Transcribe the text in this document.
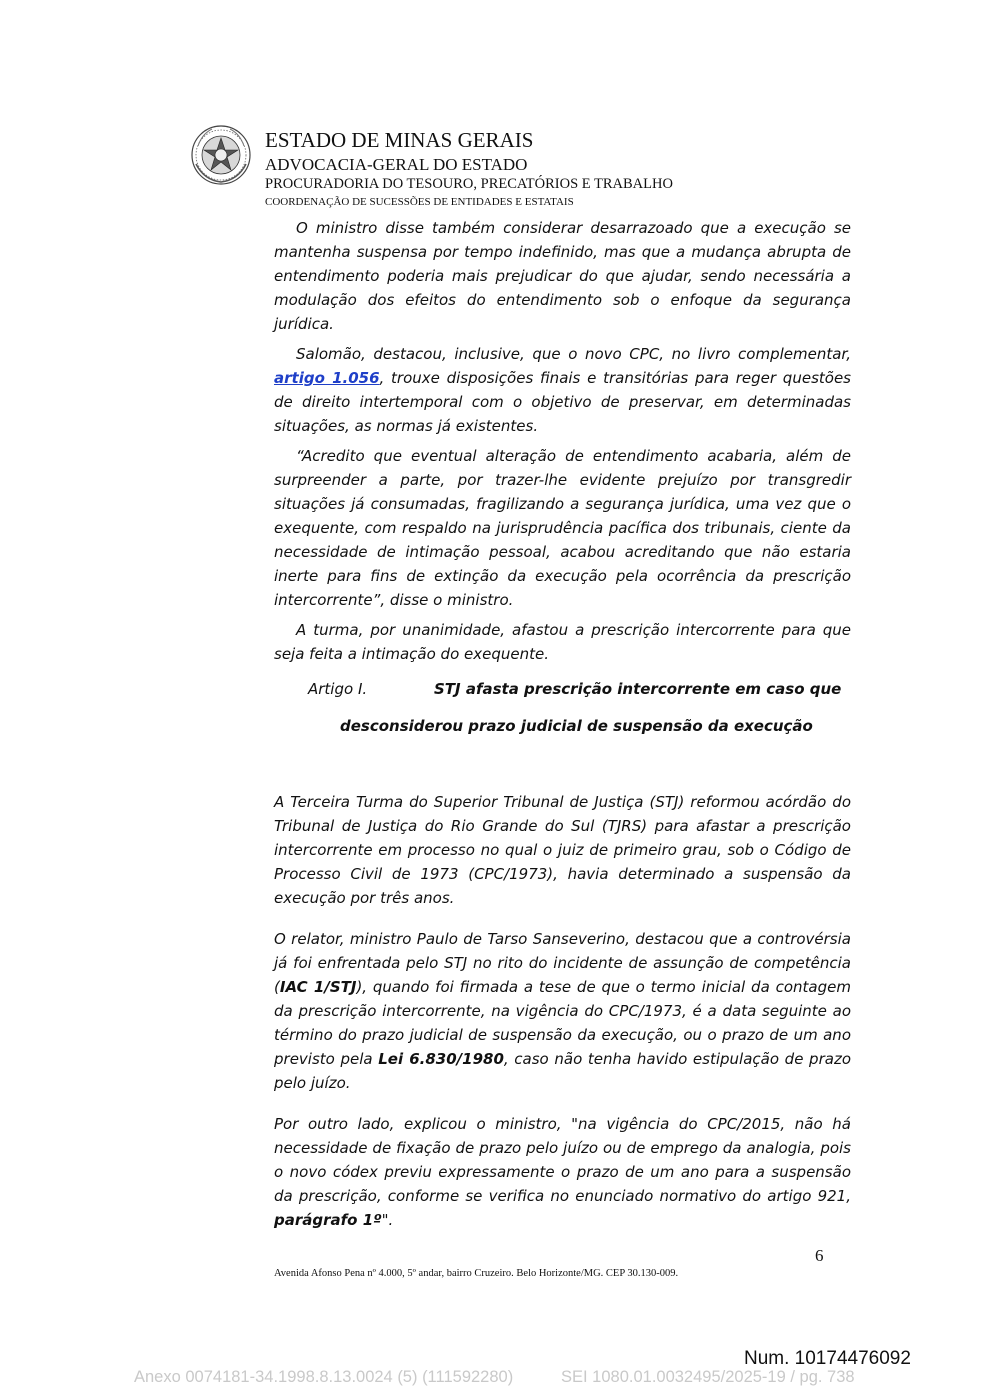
ESTADO DE MINAS GERAIS
ADVOCACIA-GERAL DO ESTADO
PROCURADORIA DO TESOURO, PRECATÓRIOS E TRABALHO
COORDENAÇÃO DE SUCESSÕES DE ENTIDADES E ESTATAIS

O ministro disse também considerar desarrazoado que a execução se mantenha suspensa por tempo indefinido, mas que a mudança abrupta de entendimento poderia mais prejudicar do que ajudar, sendo necessária a modulação dos efeitos do entendimento sob o enfoque da segurança jurídica.

Salomão, destacou, inclusive, que o novo CPC, no livro complementar, artigo 1.056, trouxe disposições finais e transitórias para reger questões de direito intertemporal com o objetivo de preservar, em determinadas situações, as normas já existentes.

“Acredito que eventual alteração de entendimento acabaria, além de surpreender a parte, por trazer-lhe evidente prejuízo por transgredir situações já consumadas, fragilizando a segurança jurídica, uma vez que o exequente, com respaldo na jurisprudência pacífica dos tribunais, ciente da necessidade de intimação pessoal, acabou acreditando que não estaria inerte para fins de extinção da execução pela ocorrência da prescrição intercorrente”, disse o ministro.

A turma, por unanimidade, afastou a prescrição intercorrente para que seja feita a intimação do exequente.

A Terceira Turma do Superior Tribunal de Justiça (STJ) reformou acórdão do Tribunal de Justiça do Rio Grande do Sul (TJRS) para afastar a prescrição intercorrente em processo no qual o juiz de primeiro grau, sob o Código de Processo Civil de 1973 (CPC/1973), havia determinado a suspensão da execução por três anos.

O relator, ministro Paulo de Tarso Sanseverino, destacou que a controvérsia já foi enfrentada pelo STJ no rito do incidente de assunção de competência (IAC 1/STJ), quando foi firmada a tese de que o termo inicial da contagem da prescrição intercorrente, na vigência do CPC/1973, é a data seguinte ao término do prazo judicial de suspensão da execução, ou o prazo de um ano previsto pela Lei 6.830/1980, caso não tenha havido estipulação de prazo pelo juízo.

Por outro lado, explicou o ministro, "na vigência do CPC/2015, não há necessidade de fixação de prazo pelo juízo ou de emprego da analogia, pois o novo códex previu expressamente o prazo de um ano para a suspensão da prescrição, conforme se verifica no enunciado normativo do artigo 921, parágrafo 1º".

Artigo I.	STJ afasta prescrição intercorrente em caso que
desconsiderou prazo judicial de suspensão da execução
6
Avenida Afonso Pena nº 4.000, 5º andar, bairro Cruzeiro. Belo Horizonte/MG. CEP 30.130-009.
Num. 10174476092
Anexo 0074181-34.1998.8.13.0024 (5) (111592280)	SEI 1080.01.0032495/2025-19 / pg. 738
